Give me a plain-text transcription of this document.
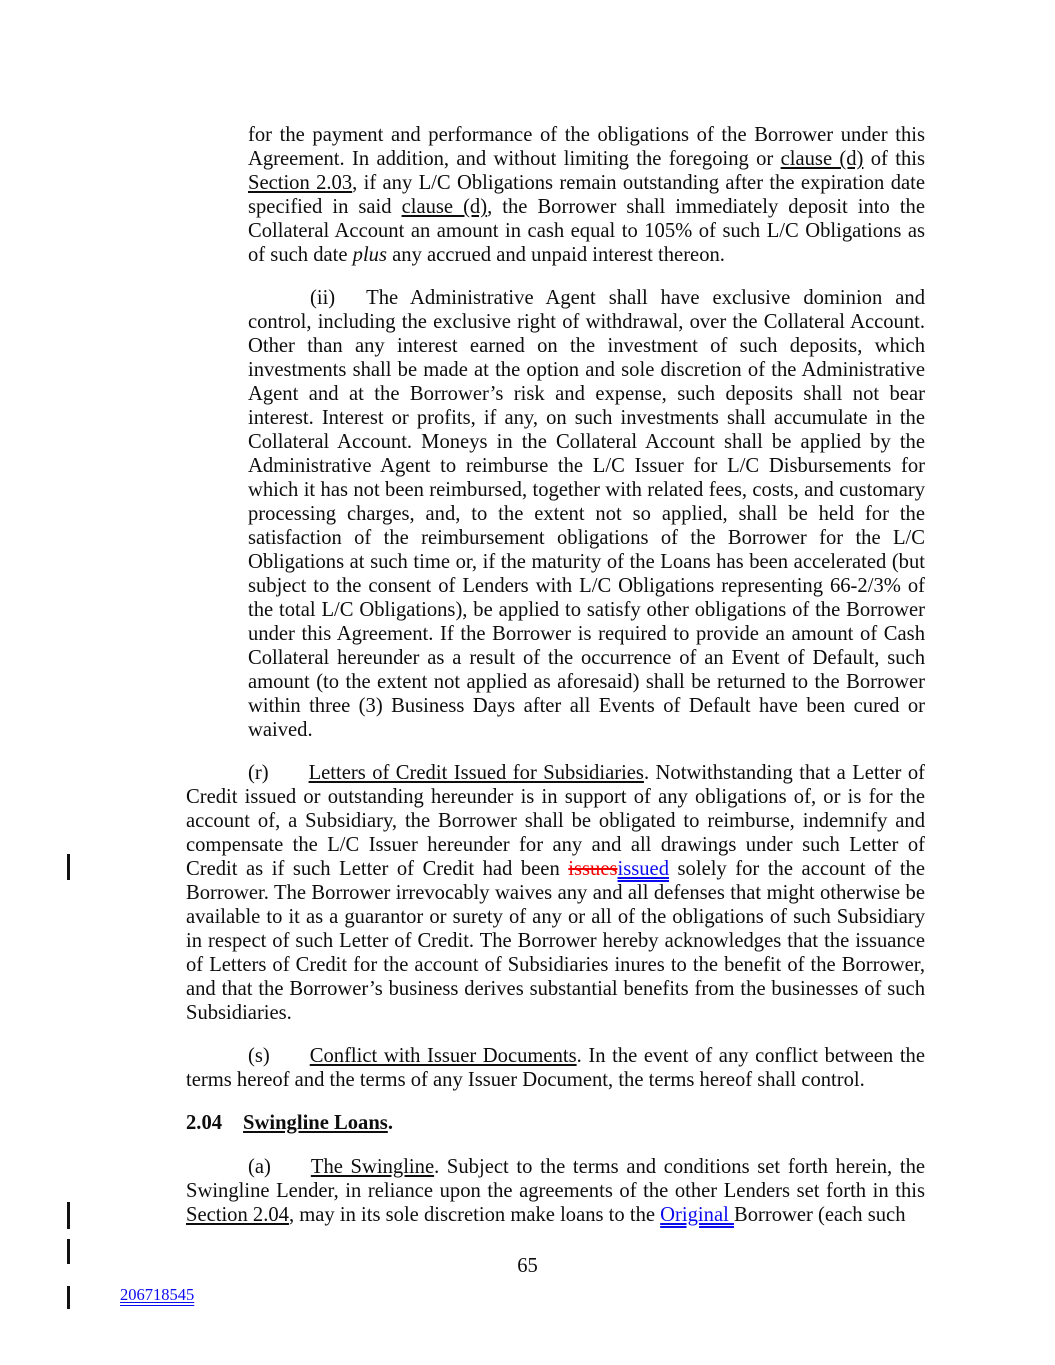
for the payment and performance of the obligations of the Borrower under this Agreement. In addition, and without limiting the foregoing or clause (d) of this Section 2.03, if any L/C Obligations remain outstanding after the expiration date specified in said clause (d), the Borrower shall immediately deposit into the Collateral Account an amount in cash equal to 105% of such L/C Obligations as of such date plus any accrued and unpaid interest thereon.
(ii) The Administrative Agent shall have exclusive dominion and control, including the exclusive right of withdrawal, over the Collateral Account. Other than any interest earned on the investment of such deposits, which investments shall be made at the option and sole discretion of the Administrative Agent and at the Borrower’s risk and expense, such deposits shall not bear interest. Interest or profits, if any, on such investments shall accumulate in the Collateral Account. Moneys in the Collateral Account shall be applied by the Administrative Agent to reimburse the L/C Issuer for L/C Disbursements for which it has not been reimbursed, together with related fees, costs, and customary processing charges, and, to the extent not so applied, shall be held for the satisfaction of the reimbursement obligations of the Borrower for the L/C Obligations at such time or, if the maturity of the Loans has been accelerated (but subject to the consent of Lenders with L/C Obligations representing 66-2/3% of the total L/C Obligations), be applied to satisfy other obligations of the Borrower under this Agreement. If the Borrower is required to provide an amount of Cash Collateral hereunder as a result of the occurrence of an Event of Default, such amount (to the extent not applied as aforesaid) shall be returned to the Borrower within three (3) Business Days after all Events of Default have been cured or waived.
(r) Letters of Credit Issued for Subsidiaries. Notwithstanding that a Letter of Credit issued or outstanding hereunder is in support of any obligations of, or is for the account of, a Subsidiary, the Borrower shall be obligated to reimburse, indemnify and compensate the L/C Issuer hereunder for any and all drawings under such Letter of Credit as if such Letter of Credit had been issuesissued solely for the account of the Borrower. The Borrower irrevocably waives any and all defenses that might otherwise be available to it as a guarantor or surety of any or all of the obligations of such Subsidiary in respect of such Letter of Credit. The Borrower hereby acknowledges that the issuance of Letters of Credit for the account of Subsidiaries inures to the benefit of the Borrower, and that the Borrower’s business derives substantial benefits from the businesses of such Subsidiaries.
(s) Conflict with Issuer Documents. In the event of any conflict between the terms hereof and the terms of any Issuer Document, the terms hereof shall control.
2.04 Swingline Loans.
(a) The Swingline. Subject to the terms and conditions set forth herein, the Swingline Lender, in reliance upon the agreements of the other Lenders set forth in this Section 2.04, may in its sole discretion make loans to the Original Borrower (each such
65
206718545
